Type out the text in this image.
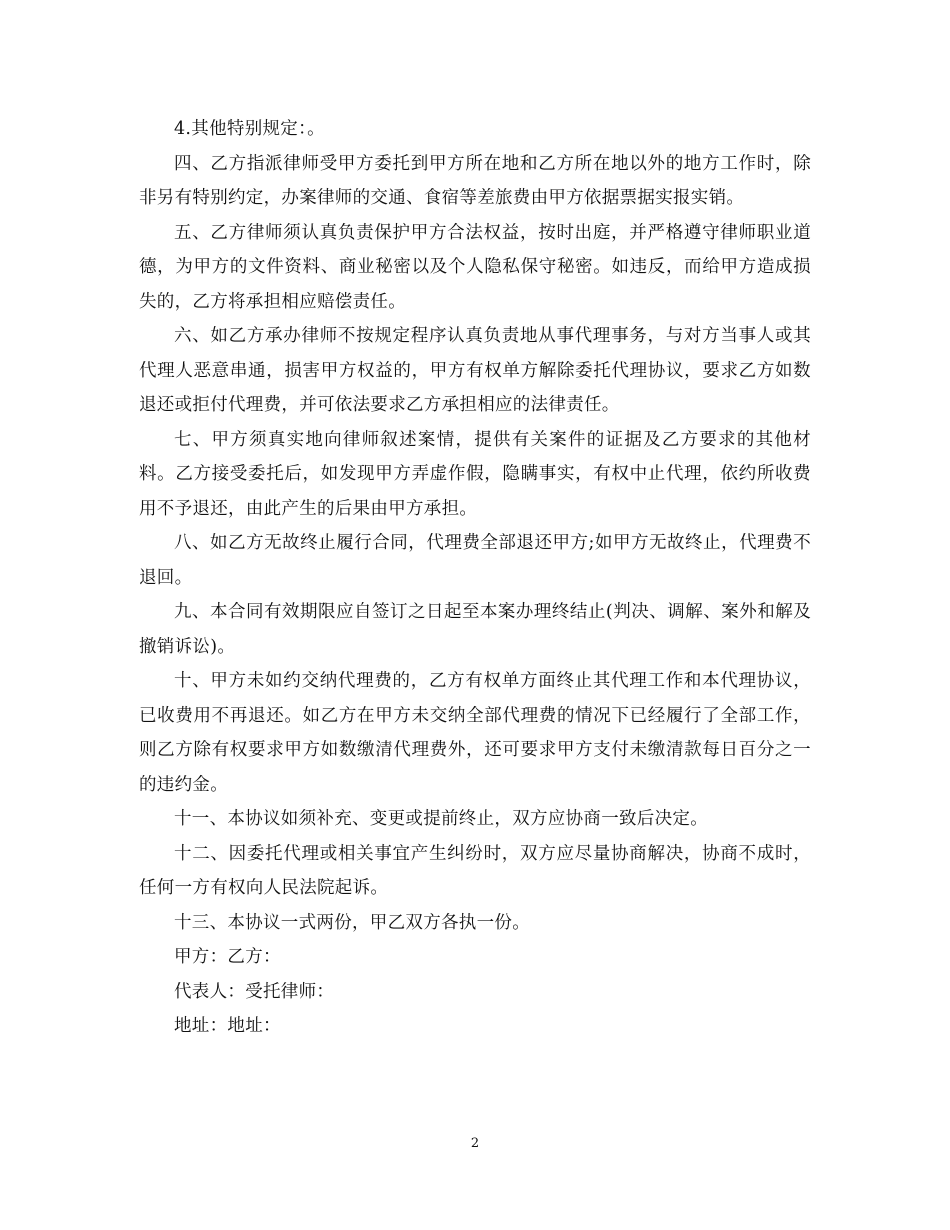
4.其他特别规定：。

四、乙方指派律师受甲方委托到甲方所在地和乙方所在地以外的地方工作时，除非另有特别约定，办案律师的交通、食宿等差旅费由甲方依据票据实报实销。

五、乙方律师须认真负责保护甲方合法权益，按时出庭，并严格遵守律师职业道德，为甲方的文件资料、商业秘密以及个人隐私保守秘密。如违反，而给甲方造成损失的，乙方将承担相应赔偿责任。

六、如乙方承办律师不按规定程序认真负责地从事代理事务，与对方当事人或其代理人恶意串通，损害甲方权益的，甲方有权单方解除委托代理协议，要求乙方如数退还或拒付代理费，并可依法要求乙方承担相应的法律责任。

七、甲方须真实地向律师叙述案情，提供有关案件的证据及乙方要求的其他材料。乙方接受委托后，如发现甲方弄虚作假，隐瞒事实，有权中止代理，依约所收费用不予退还，由此产生的后果由甲方承担。

八、如乙方无故终止履行合同，代理费全部退还甲方;如甲方无故终止，代理费不退回。

九、本合同有效期限应自签订之日起至本案办理终结止(判决、调解、案外和解及撤销诉讼)。

十、甲方未如约交纳代理费的，乙方有权单方面终止其代理工作和本代理协议，已收费用不再退还。如乙方在甲方未交纳全部代理费的情况下已经履行了全部工作，则乙方除有权要求甲方如数缴清代理费外，还可要求甲方支付未缴清款每日百分之一的违约金。

十一、本协议如须补充、变更或提前终止，双方应协商一致后决定。

十二、因委托代理或相关事宜产生纠纷时，双方应尽量协商解决，协商不成时，任何一方有权向人民法院起诉。

十三、本协议一式两份，甲乙双方各执一份。

甲方：乙方：

代表人：受托律师：

地址：地址：

2
